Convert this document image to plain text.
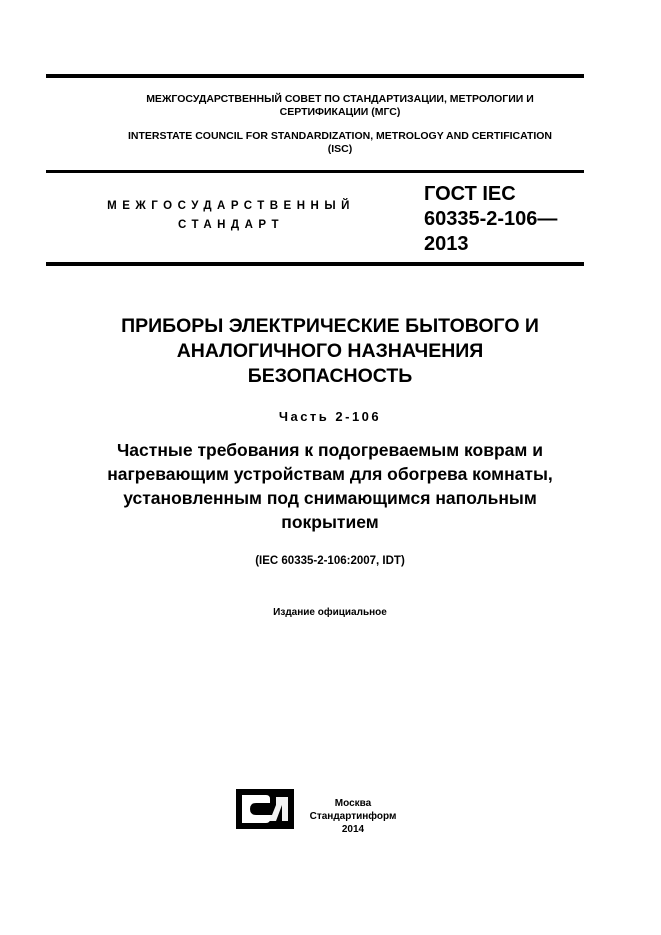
МЕЖГОСУДАРСТВЕННЫЙ СОВЕТ ПО СТАНДАРТИЗАЦИИ, МЕТРОЛОГИИ И
СЕРТИФИКАЦИИ (МГС)
INTERSTATE COUNCIL FOR STANDARDIZATION, METROLOGY AND CERTIFICATION
(ISC)
МЕЖГОСУДАРСТВЕННЫЙ
СТАНДАРТ
ГОСТ IEC
60335-2-106—
2013
ПРИБОРЫ ЭЛЕКТРИЧЕСКИЕ БЫТОВОГО И
АНАЛОГИЧНОГО НАЗНАЧЕНИЯ
БЕЗОПАСНОСТЬ
Часть 2-106
Частные требования к подогреваемым коврам и
нагревающим устройствам для обогрева комнаты,
установленным под снимающимся напольным
покрытием
(IEC 60335-2-106:2007, IDT)
Издание официальное
Москва
Стандартинформ
2014
